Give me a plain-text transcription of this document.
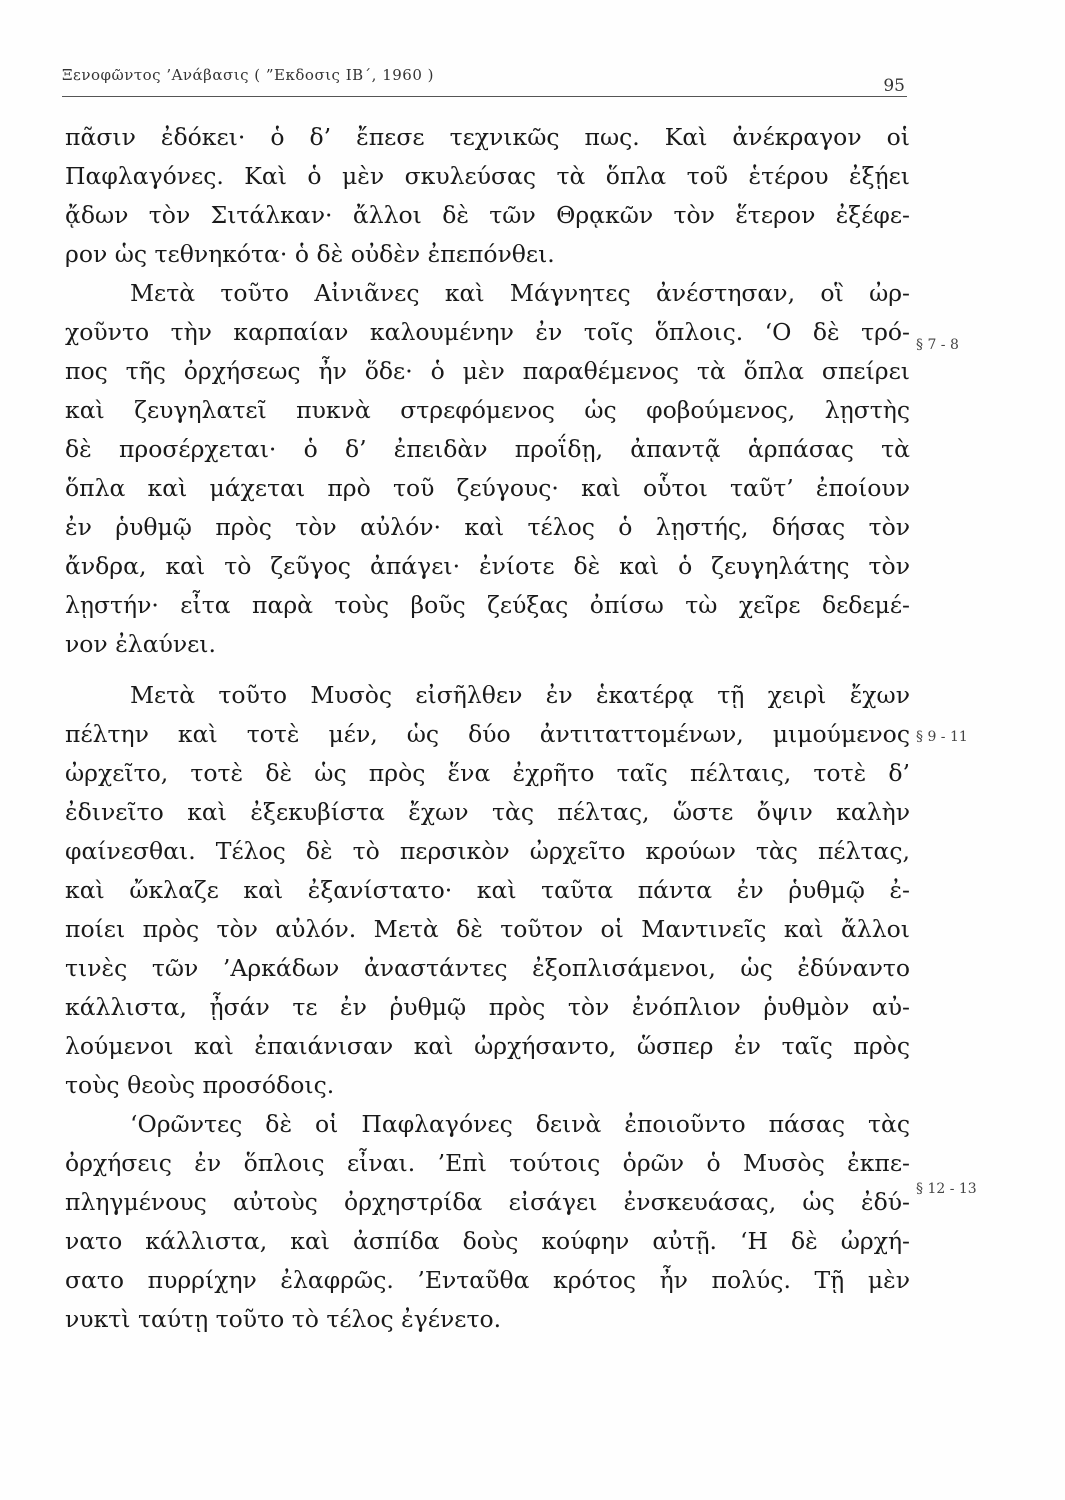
Ξενοφῶντος ’Ανάβασις ( ”Εκδοσις ΙΒ΄, 1960 )
95
πᾶσιν ἐδόκει· ὁ δ’ ἔπεσε τεχνικῶς πως. Καὶ ἀνέκραγον οἱ
Παφλαγόνες. Καὶ ὁ μὲν σκυλεύσας τὰ ὅπλα τοῦ ἑτέρου ἐξῄει
ᾄδων τὸν Σιτάλκαν· ἄλλοι δὲ τῶν Θρᾳκῶν τὸν ἕτερον ἐξέφε-
ρον ὡς τεθνηκότα· ὁ δὲ οὐδὲν ἐπεπόνθει.
Μετὰ τοῦτο Αἰνιᾶνες καὶ Μάγνητες ἀνέστησαν, οἳ ὠρ-
χοῦντο τὴν καρπαίαν καλουμένην ἐν τοῖς ὅπλοις. ‘Ο δὲ τρό-
πος τῆς ὀρχήσεως ἦν ὅδε· ὁ μὲν παραθέμενος τὰ ὅπλα σπείρει
καὶ ζευγηλατεῖ πυκνὰ στρεφόμενος ὡς φοβούμενος, λῃστὴς
δὲ προσέρχεται· ὁ δ’ ἐπειδὰν προΐδῃ, ἀπαντᾷ ἁρπάσας τὰ
ὅπλα καὶ μάχεται πρὸ τοῦ ζεύγους· καὶ οὗτοι ταῦτ’ ἐποίουν
ἐν ῥυθμῷ πρὸς τὸν αὐλόν· καὶ τέλος ὁ λῃστής, δήσας τὸν
ἄνδρα, καὶ τὸ ζεῦγος ἀπάγει· ἐνίοτε δὲ καὶ ὁ ζευγηλάτης τὸν
λῃστήν· εἶτα παρὰ τοὺς βοῦς ζεύξας ὀπίσω τὼ χεῖρε δεδεμέ-
νον ἐλαύνει.
Μετὰ τοῦτο Μυσὸς εἰσῆλθεν ἐν ἑκατέρᾳ τῇ χειρὶ ἔχων
πέλτην καὶ τοτὲ μέν, ὡς δύο ἀντιταττομένων, μιμούμενος
ὠρχεῖτο, τοτὲ δὲ ὡς πρὸς ἕνα ἐχρῆτο ταῖς πέλταις, τοτὲ δ’
ἐδινεῖτο καὶ ἐξεκυβίστα ἔχων τὰς πέλτας, ὥστε ὄψιν καλὴν
φαίνεσθαι. Τέλος δὲ τὸ περσικὸν ὠρχεῖτο κρούων τὰς πέλτας,
καὶ ὤκλαζε καὶ ἐξανίστατο· καὶ ταῦτα πάντα ἐν ῥυθμῷ ἐ-
ποίει πρὸς τὸν αὐλόν. Μετὰ δὲ τοῦτον οἱ Μαντινεῖς καὶ ἄλλοι
τινὲς τῶν ’Αρκάδων ἀναστάντες ἐξοπλισάμενοι, ὡς ἐδύναντο
κάλλιστα, ᾖσάν τε ἐν ῥυθμῷ πρὸς τὸν ἐνόπλιον ῥυθμὸν αὐ-
λούμενοι καὶ ἐπαιάνισαν καὶ ὠρχήσαντο, ὥσπερ ἐν ταῖς πρὸς
τοὺς θεοὺς προσόδοις.
‘Ορῶντες δὲ οἱ Παφλαγόνες δεινὰ ἐποιοῦντο πάσας τὰς
ὀρχήσεις ἐν ὅπλοις εἶναι. ’Επὶ τούτοις ὁρῶν ὁ Μυσὸς ἐκπε-
πληγμένους αὐτοὺς ὀρχηστρίδα εἰσάγει ἐνσκευάσας, ὡς ἐδύ-
νατο κάλλιστα, καὶ ἀσπίδα δοὺς κούφην αὐτῇ. ‘Η δὲ ὠρχή-
σατο πυρρίχην ἐλαφρῶς. ’Ενταῦθα κρότος ἦν πολύς. Τῇ μὲν
νυκτὶ ταύτῃ τοῦτο τὸ τέλος ἐγένετο.
§ 7 - 8
§ 9 - 11
§ 12 - 13
